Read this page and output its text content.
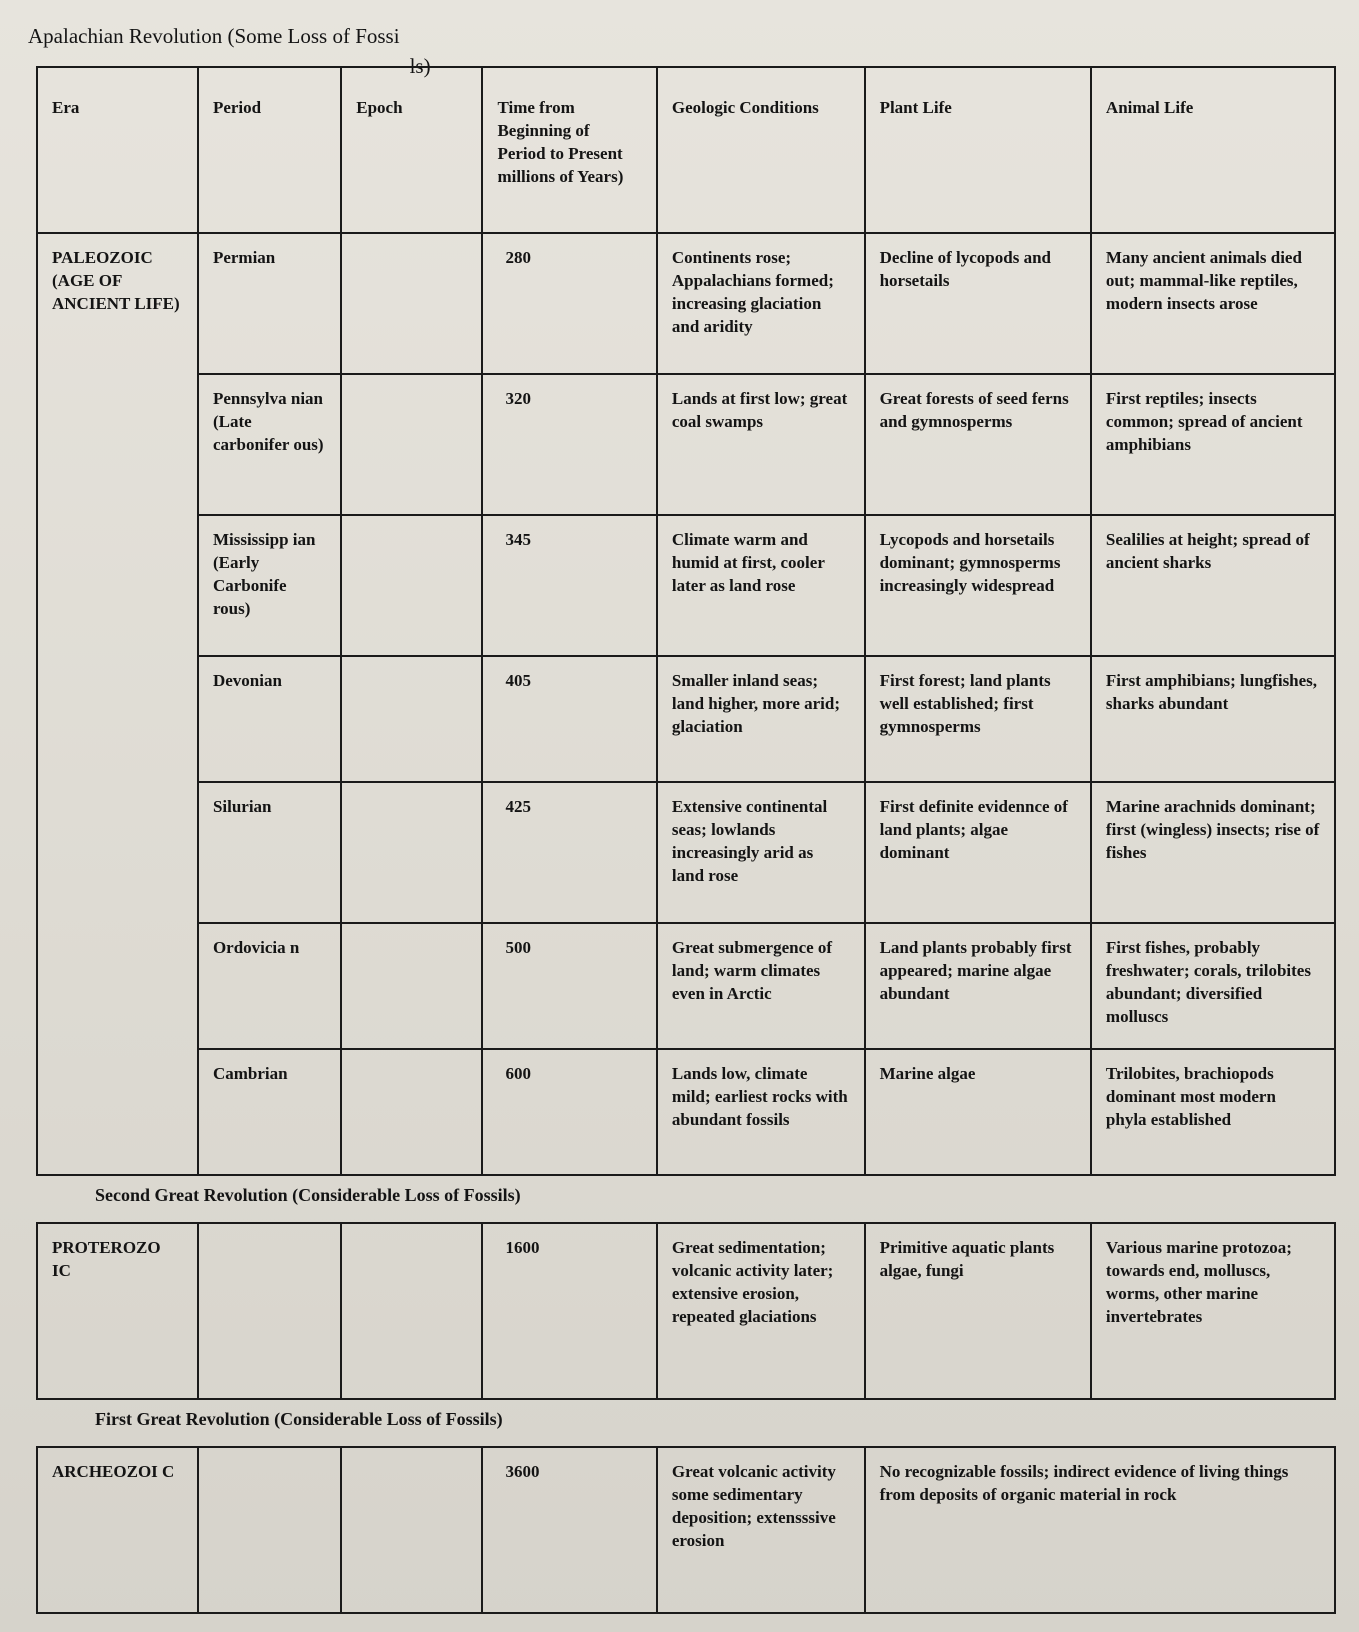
Apalachian Revolution (Some Loss of Fossils)
Era	Period	Epoch	Time from Beginning of Period to Present millions of Years)	Geologic Conditions	Plant Life	Animal Life
PALEOZOIC (AGE OF ANCIENT LIFE)	Permian		280	Continents rose; Appalachians formed; increasing glaciation and aridity	Decline of lycopods and horsetails	Many ancient animals died out; mammal-like reptiles, modern insects arose
	Pennsylva nian (Late carbonifer ous)		320	Lands at first low; great coal swamps	Great forests of seed ferns and gymnosperms	First reptiles; insects common; spread of ancient amphibians
	Mississipp ian (Early Carbonife rous)		345	Climate warm and humid at first, cooler later as land rose	Lycopods and horsetails dominant; gymnosperms increasingly widespread	Sealilies at height; spread of ancient sharks
	Devonian		405	Smaller inland seas; land higher, more arid; glaciation	First forest; land plants well established; first gymnosperms	First amphibians; lungfishes, sharks abundant
	Silurian		425	Extensive continental seas; lowlands increasingly arid as land rose	First definite evidennce of land plants; algae dominant	Marine arachnids dominant; first (wingless) insects; rise of fishes
	Ordovicia n		500	Great submergence of land; warm climates even in Arctic	Land plants probably first appeared; marine algae abundant	First fishes, probably freshwater; corals, trilobites abundant; diversified molluscs
	Cambrian		600	Lands low, climate mild; earliest rocks with abundant fossils	Marine algae	Trilobites, brachiopods dominant most modern phyla established
Second Great Revolution (Considerable Loss of Fossils)						
PROTEROZO IC			1600	Great sedimentation; volcanic activity later; extensive erosion, repeated glaciations	Primitive aquatic plants algae, fungi	Various marine protozoa; towards end, molluscs, worms, other marine invertebrates
First Great Revolution (Considerable Loss of Fossils)						
ARCHEOZOI C			3600	Great volcanic activity some sedimentary deposition; extensssive erosion	No recognizable fossils; indirect evidence of living things from deposits of organic material in rock	
